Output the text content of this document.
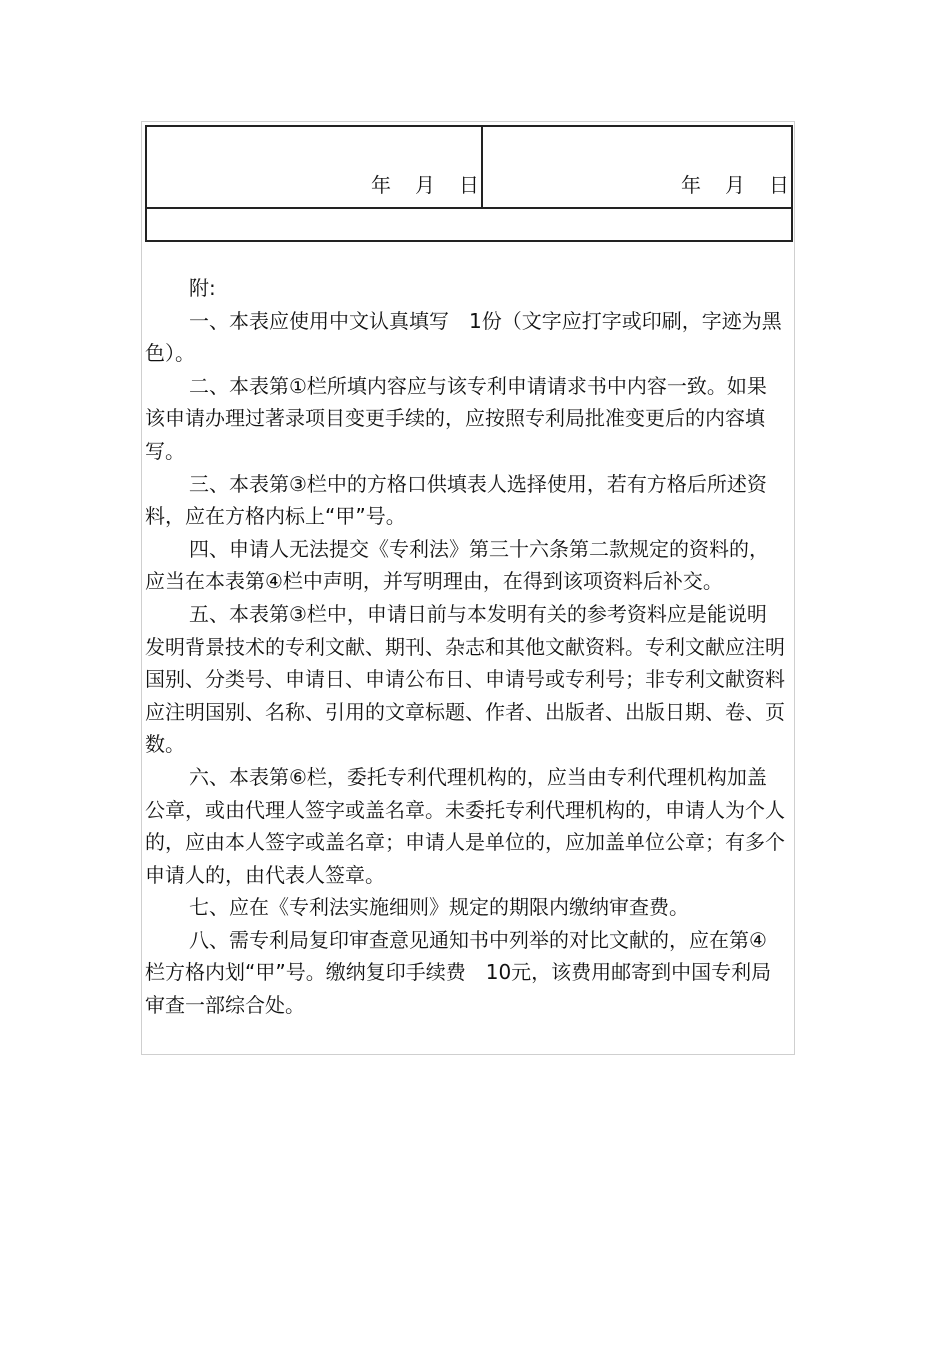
年 月 日	年 月 日

附:

一、本表应使用中文认真填写　1份（文字应打字或印刷，字迹为黑色）。

二、本表第①栏所填内容应与该专利申请请求书中内容一致。如果该申请办理过著录项目变更手续的，应按照专利局批准变更后的内容填写。

三、本表第③栏中的方格口供填表人选择使用，若有方格后所述资料，应在方格内标上“甲”号。

四、申请人无法提交《专利法》第三十六条第二款规定的资料的，应当在本表第④栏中声明，并写明理由，在得到该项资料后补交。

五、本表第③栏中，申请日前与本发明有关的参考资料应是能说明发明背景技术的专利文献、期刊、杂志和其他文献资料。专利文献应注明国别、分类号、申请日、申请公布日、申请号或专利号；非专利文献资料应注明国别、名称、引用的文章标题、作者、出版者、出版日期、卷、页数。

六、本表第⑥栏，委托专利代理机构的，应当由专利代理机构加盖公章，或由代理人签字或盖名章。未委托专利代理机构的，申请人为个人的，应由本人签字或盖名章；申请人是单位的，应加盖单位公章；有多个申请人的，由代表人签章。

七、应在《专利法实施细则》规定的期限内缴纳审查费。

八、需专利局复印审查意见通知书中列举的对比文献的，应在第④栏方格内划“甲”号。缴纳复印手续费　10元，该费用邮寄到中国专利局审查一部综合处。
